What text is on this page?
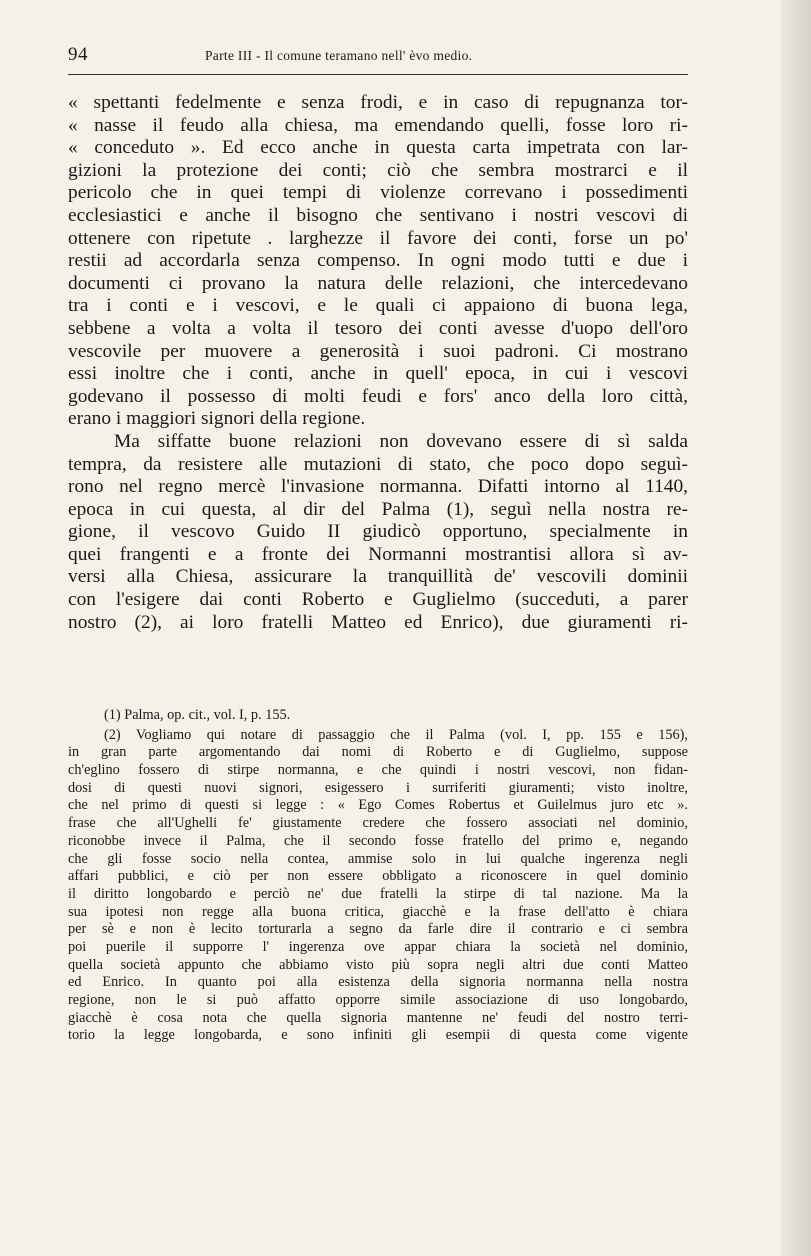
94	Parte III - Il comune teramano nell' èvo medio.
« spettanti fedelmente e senza frodi, e in caso di repugnanza tor-
« nasse il feudo alla chiesa, ma emendando quelli, fosse loro ri-
« conceduto ». Ed ecco anche in questa carta impetrata con lar-
gizioni la protezione dei conti; ciò che sembra mostrarci e il
pericolo che in quei tempi di violenze correvano i possedimenti
ecclesiastici e anche il bisogno che sentivano i nostri vescovi di
ottenere con ripetute . larghezze il favore dei conti, forse un po'
restii ad accordarla senza compenso. In ogni modo tutti e due i
documenti ci provano la natura delle relazioni, che intercedevano
tra i conti e i vescovi, e le quali ci appaiono di buona lega,
sebbene a volta a volta il tesoro dei conti avesse d'uopo dell'oro
vescovile per muovere a generosità i suoi padroni. Ci mostrano
essi inoltre che i conti, anche in quell' epoca, in cui i vescovi
godevano il possesso di molti feudi e fors' anco della loro città,
erano i maggiori signori della regione.
Ma siffatte buone relazioni non dovevano essere di sì salda
tempra, da resistere alle mutazioni di stato, che poco dopo seguì-
rono nel regno mercè l'invasione normanna. Difatti intorno al 1140,
epoca in cui questa, al dir del Palma (1), seguì nella nostra re-
gione, il vescovo Guido II giudicò opportuno, specialmente in
quei frangenti e a fronte dei Normanni mostrantisi allora sì av-
versi alla Chiesa, assicurare la tranquillità de' vescovili dominii
con l'esigere dai conti Roberto e Guglielmo (succeduti, a parer
nostro (2), ai loro fratelli Matteo ed Enrico), due giuramenti ri-
(1) Palma, op. cit., vol. I, p. 155.
(2) Vogliamo qui notare di passaggio che il Palma (vol. I, pp. 155 e 156),
in gran parte argomentando dai nomi di Roberto e di Guglielmo, suppose
ch'eglino fossero di stirpe normanna, e che quindi i nostri vescovi, non fidan-
dosi di questi nuovi signori, esigessero i surriferiti giuramenti; visto inoltre,
che nel primo di questi si legge : « Ego Comes Robertus et Guilelmus juro etc ».
frase che all'Ughelli fe' giustamente credere che fossero associati nel dominio,
riconobbe invece il Palma, che il secondo fosse fratello del primo e, negando
che gli fosse socio nella contea, ammise solo in lui qualche ingerenza negli
affari pubblici, e ciò per non essere obbligato a riconoscere in quel dominio
il diritto longobardo e perciò ne' due fratelli la stirpe di tal nazione. Ma la
sua ipotesi non regge alla buona critica, giacchè e la frase dell'atto è chiara
per sè e non è lecito torturarla a segno da farle dire il contrario e ci sembra
poi puerile il supporre l' ingerenza ove appar chiara la società nel dominio,
quella società appunto che abbiamo visto più sopra negli altri due conti Matteo
ed Enrico. In quanto poi alla esistenza della signoria normanna nella nostra
regione, non le si può affatto opporre simile associazione di uso longobardo,
giacchè è cosa nota che quella signoria mantenne ne' feudi del nostro terri-
torio la legge longobarda, e sono infiniti gli esempii di questa come vigente
